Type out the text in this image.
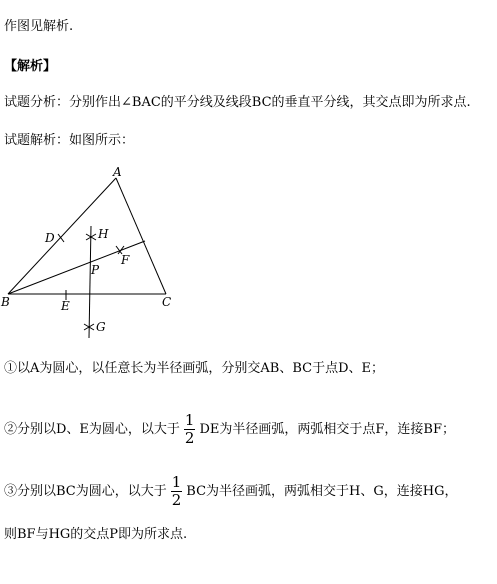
作图见解析.
【解析】
试题分析：分别作出∠BAC的平分线及线段BC的垂直平分线，其交点即为所求点.
试题解析：如图所示：
A
B	C
D
E
F
G
H
P
①以A为圆心，以任意长为半径画弧，分别交AB、BC于点D、E；
②分别以D、E为圆心，以大于 $\frac{1}{2}$ DE为半径画弧，两弧相交于点F，连接BF；
③分别以BC为圆心，以大于 $\frac{1}{2}$ BC为半径画弧，两弧相交于H、G，连接HG，
则BF与HG的交点P即为所求点.
